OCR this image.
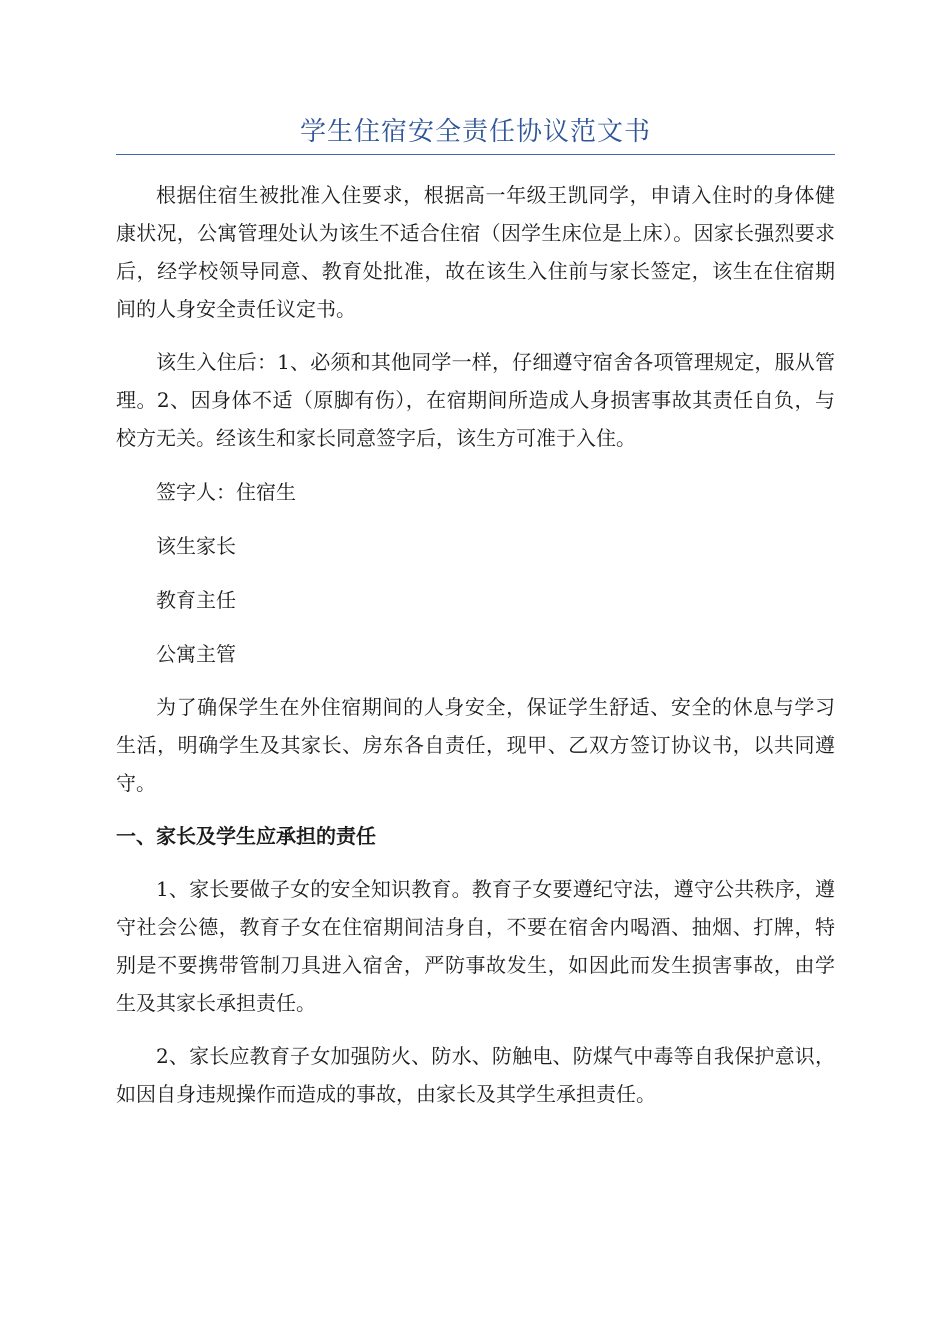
学生住宿安全责任协议范文书

根据住宿生被批准入住要求，根据高一年级王凯同学，申请入住时的身体健康状况，公寓管理处认为该生不适合住宿（因学生床位是上床）。因家长强烈要求后，经学校领导同意、教育处批准，故在该生入住前与家长签定，该生在住宿期间的人身安全责任议定书。

该生入住后：1、必须和其他同学一样，仔细遵守宿舍各项管理规定，服从管理。2、因身体不适（原脚有伤），在宿期间所造成人身损害事故其责任自负，与校方无关。经该生和家长同意签字后，该生方可准于入住。

签字人：住宿生

该生家长

教育主任

公寓主管

为了确保学生在外住宿期间的人身安全，保证学生舒适、安全的休息与学习生活，明确学生及其家长、房东各自责任，现甲、乙双方签订协议书，以共同遵守。

一、家长及学生应承担的责任

1、家长要做子女的安全知识教育。教育子女要遵纪守法，遵守公共秩序，遵守社会公德，教育子女在住宿期间洁身自，不要在宿舍内喝酒、抽烟、打牌，特别是不要携带管制刀具进入宿舍，严防事故发生，如因此而发生损害事故，由学生及其家长承担责任。

2、家长应教育子女加强防火、防水、防触电、防煤气中毒等自我保护意识，如因自身违规操作而造成的事故，由家长及其学生承担责任。
